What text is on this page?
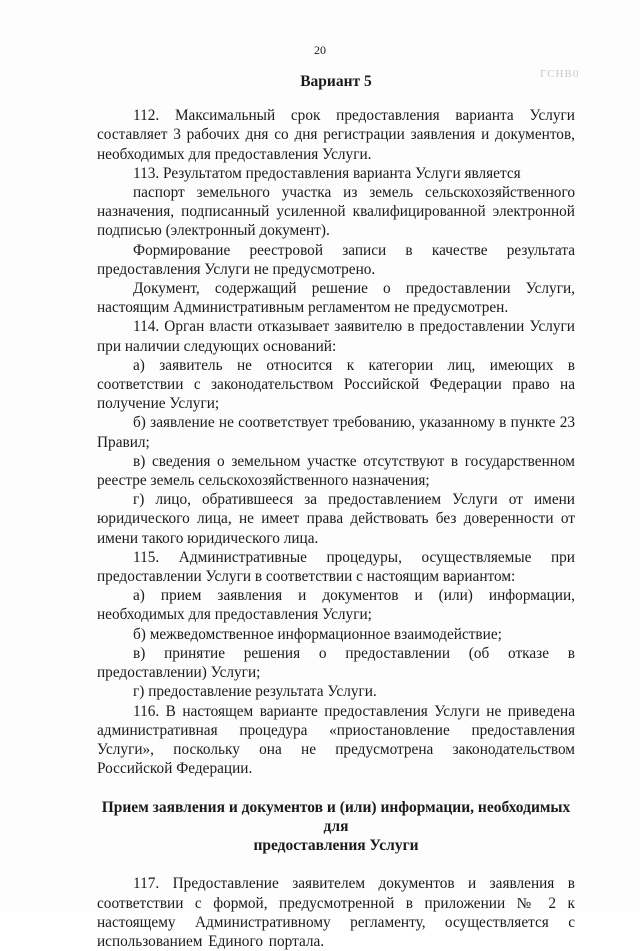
20
ГСНВ0
Вариант 5

112. Максимальный срок предоставления варианта Услуги составляет 3 рабочих дня со дня регистрации заявления и документов, необходимых для предоставления Услуги.

113. Результатом предоставления варианта Услуги является

паспорт земельного участка из земель сельскохозяйственного назначения, подписанный усиленной квалифицированной электронной подписью (электронный документ).

Формирование реестровой записи в качестве результата предоставления Услуги не предусмотрено.

Документ, содержащий решение о предоставлении Услуги, настоящим Административным регламентом не предусмотрен.

114. Орган власти отказывает заявителю в предоставлении Услуги при наличии следующих оснований:

а) заявитель не относится к категории лиц, имеющих в соответствии с законодательством Российской Федерации право на получение Услуги;

б) заявление не соответствует требованию, указанному в пункте 23 Правил;

в) сведения о земельном участке отсутствуют в государственном реестре земель сельскохозяйственного назначения;

г) лицо, обратившееся за предоставлением Услуги от имени юридического лица, не имеет права действовать без доверенности от имени такого юридического лица.

115. Административные процедуры, осуществляемые при предоставлении Услуги в соответствии с настоящим вариантом:

а) прием заявления и документов и (или) информации, необходимых для предоставления Услуги;

б) межведомственное информационное взаимодействие;

в) принятие решения о предоставлении (об отказе в предоставлении) Услуги;

г) предоставление результата Услуги.

116. В настоящем варианте предоставления Услуги не приведена административная процедура «приостановление предоставления Услуги», поскольку она не предусмотрена законодательством Российской Федерации.

Прием заявления и документов и (или) информации, необходимых для
предоставления Услуги

117. Предоставление заявителем документов и заявления в соответствии с формой, предусмотренной в приложении № 2 к настоящему Административному регламенту, осуществляется с использованием Единого портала.
